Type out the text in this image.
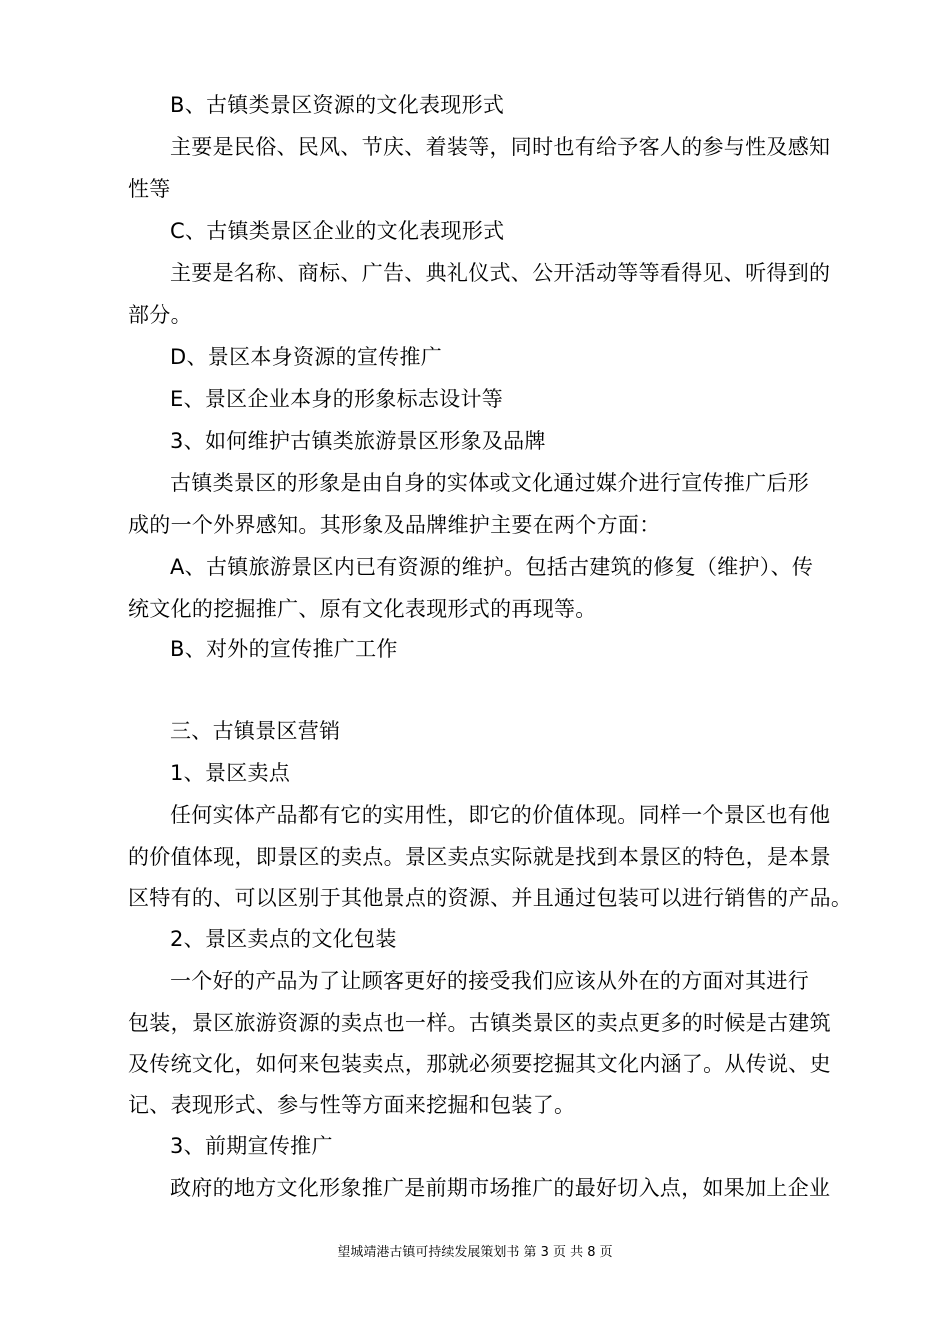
B、古镇类景区资源的文化表现形式
主要是民俗、民风、节庆、着装等，同时也有给予客人的参与性及感知
性等
C、古镇类景区企业的文化表现形式
主要是名称、商标、广告、典礼仪式、公开活动等等看得见、听得到的
部分。
D、景区本身资源的宣传推广
E、景区企业本身的形象标志设计等
3、如何维护古镇类旅游景区形象及品牌
古镇类景区的形象是由自身的实体或文化通过媒介进行宣传推广后形
成的一个外界感知。其形象及品牌维护主要在两个方面：
A、古镇旅游景区内已有资源的维护。包括古建筑的修复（维护）、传
统文化的挖掘推广、原有文化表现形式的再现等。
B、对外的宣传推广工作
三、古镇景区营销
1、景区卖点
任何实体产品都有它的实用性，即它的价值体现。同样一个景区也有他
的价值体现，即景区的卖点。景区卖点实际就是找到本景区的特色，是本景
区特有的、可以区别于其他景点的资源、并且通过包装可以进行销售的产品。
2、景区卖点的文化包装
一个好的产品为了让顾客更好的接受我们应该从外在的方面对其进行
包装，景区旅游资源的卖点也一样。古镇类景区的卖点更多的时候是古建筑
及传统文化，如何来包装卖点，那就必须要挖掘其文化内涵了。从传说、史
记、表现形式、参与性等方面来挖掘和包装了。
3、前期宣传推广
政府的地方文化形象推广是前期市场推广的最好切入点，如果加上企业
望城靖港古镇可持续发展策划书 第 3 页 共 8 页
